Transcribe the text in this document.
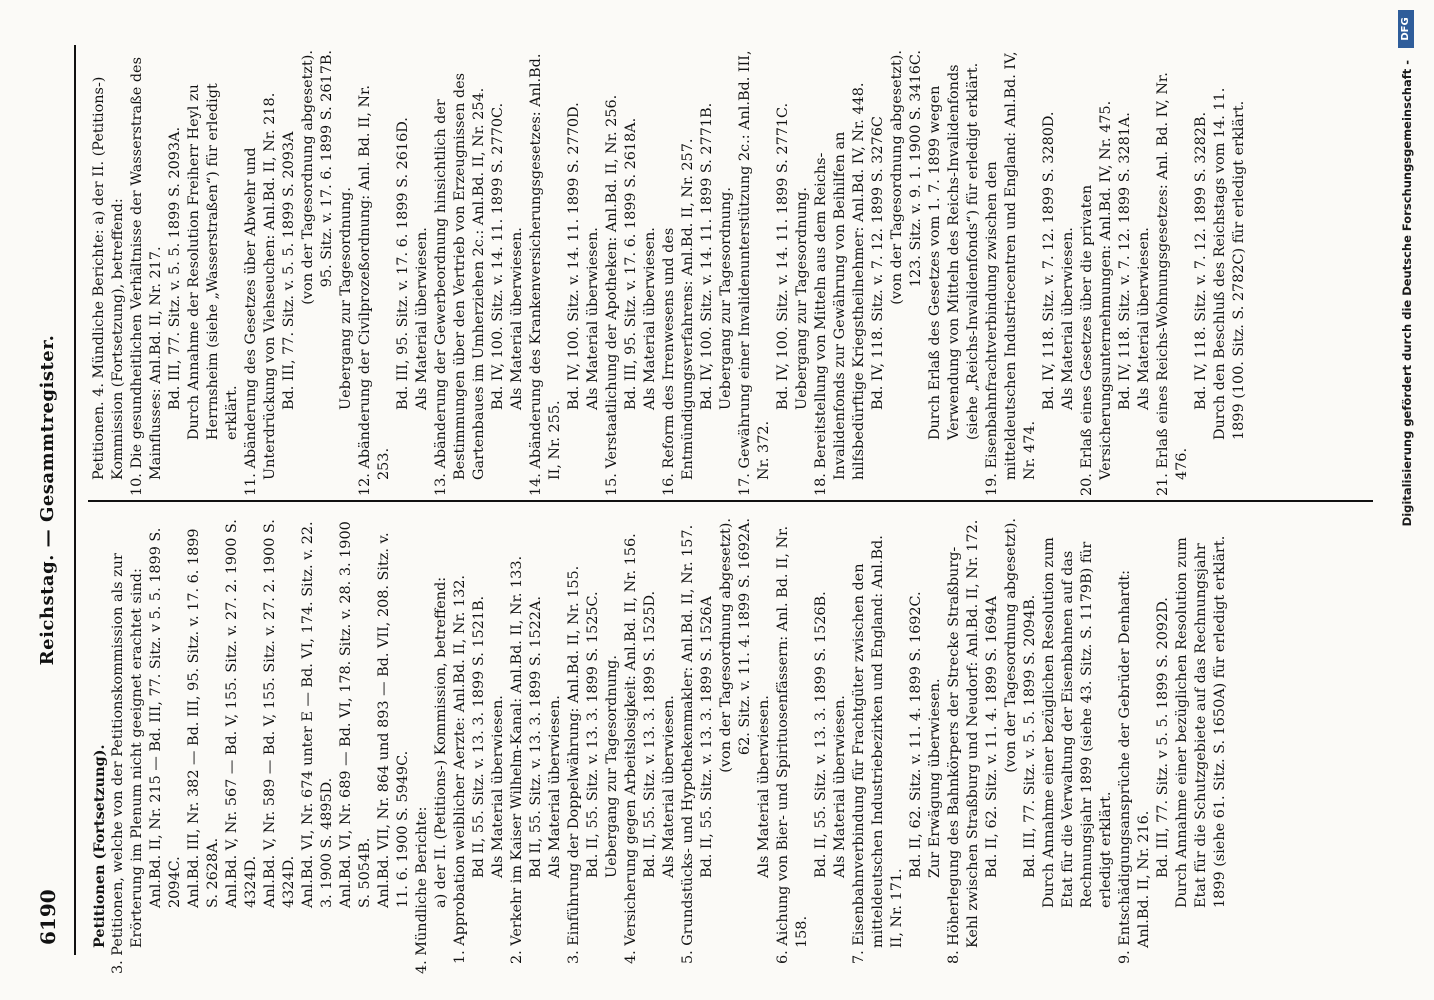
6190
Reichstag. — Gesammtregister.

Petitionen (Fortsetzung). 3. Petitionen, welche von der Petitionskommission als zur Erörterung im Plenum nicht geeignet erachtet sind: Anl.Bd. II, Nr. 215 — Bd. III, 77. Sitz. v 5. 5. 1899 S. 2094C. Anl.Bd. III, Nr. 382 — Bd. III, 95. Sitz. v. 17. 6. 1899 S. 2628A. Anl.Bd. V, Nr. 567 — Bd. V, 155. Sitz. v. 27. 2. 1900 S. 4324D. Anl.Bd. V, Nr. 589 — Bd. V, 155. Sitz. v. 27. 2. 1900 S. 4324D. Anl.Bd. VI, Nr. 674 unter E — Bd. VI, 174. Sitz. v. 22. 3. 1900 S. 4895D. Anl.Bd. VI, Nr. 689 — Bd. VI, 178. Sitz. v. 28. 3. 1900 S. 5054B. Anl.Bd. VII, Nr. 864 und 893 — Bd. VII, 208. Sitz. v. 11. 6. 1900 S. 5949C. 4. Mündliche Berichte: a) der II. (Petitions-) Kommission, betreffend: 1. Approbation weiblicher Aerzte: Anl.Bd. II, Nr. 132. Bd II, 55. Sitz. v. 13. 3. 1899 S. 1521B. Als Material überwiesen. 2. Verkehr im Kaiser Wilhelm-Kanal: Anl.Bd. II, Nr. 133. Bd II, 55. Sitz. v. 13. 3. 1899 S. 1522A. Als Material überwiesen. 3. Einführung der Doppelwährung: Anl.Bd. II, Nr. 155. Bd. II, 55. Sitz. v. 13. 3. 1899 S. 1525C. Uebergang zur Tagesordnung. 4. Versicherung gegen Arbeitslosigkeit: Anl.Bd. II, Nr. 156. Bd. II, 55. Sitz. v. 13. 3. 1899 S. 1525D. Als Material überwiesen. 5. Grundstücks- und Hypothekenmakler: Anl.Bd. II, Nr. 157. Bd. II, 55. Sitz. v. 13. 3. 1899 S. 1526A (von der Tagesordnung abgesetzt). 62. Sitz. v. 11. 4. 1899 S. 1692A.

Als Material überwiesen. 6. Aichung von Bier- und Spirituosenfässern: Anl. Bd. II, Nr. 158.

Bd. II, 55. Sitz. v. 13. 3. 1899 S. 1526B. Als Material überwiesen. 7. Eisenbahnverbindung für Frachtgüter zwischen den mitteldeutschen Industriebezirken und England: Anl.Bd. II, Nr. 171.

Bd. II, 62. Sitz. v. 11. 4. 1899 S. 1692C. Zur Erwägung überwiesen. 8. Höherlegung des Bahnkörpers der Strecke Straßburg-Kehl zwischen Straßburg und Neudorf: Anl.Bd. II, Nr. 172. Bd. II, 62. Sitz. v. 11. 4. 1899 S. 1694A (von der Tagesordnung abgesetzt). Bd. III, 77. Sitz. v. 5. 5. 1899 S. 2094B. Durch Annahme einer bezüglichen Resolution zum Etat für die Verwaltung der Eisenbahnen auf das Rechnungsjahr 1899 (siehe 43. Sitz. S. 1179B) für erledigt erklärt. 9. Entschädigungsansprüche der Gebrüder Denhardt: Anl.Bd. II, Nr. 216.

Bd. III, 77. Sitz. v 5. 5. 1899 S. 2092D. Durch Annahme einer bezüglichen Resolution zum Etat für die Schutzgebiete auf das Rechnungsjahr 1899 (siehe 61. Sitz. S. 1650A) für erledigt erklärt.

Petitionen. 4. Mündliche Berichte: a) der II. (Petitions-) Kommission (Fortsetzung), betreffend: 10. Die gesundheitlichen Verhältnisse der Wasserstraße des Mainflusses: Anl.Bd. II, Nr. 217. Bd. III, 77. Sitz. v. 5. 5. 1899 S. 2093A. Durch Annahme der Resolution Freiherr Heyl zu Herrnsheim (siehe „Wasserstraßen“) für erledigt erklärt. 11. Abänderung des Gesetzes über Abwehr und Unterdrückung von Viehseuchen: Anl.Bd. II, Nr. 218. Bd. III, 77. Sitz. v. 5. 5. 1899 S. 2093A (von der Tagesordnung abgesetzt). 95. Sitz. v. 17. 6. 1899 S. 2617B.

Uebergang zur Tagesordnung. 12. Abänderung der Civilprozeßordnung: Anl. Bd. II, Nr. 253.

Bd. III, 95. Sitz. v. 17. 6. 1899 S. 2616D. Als Material überwiesen. 13. Abänderung der Gewerbeordnung hinsichtlich der Bestimmungen über den Vertrieb von Erzeugnissen des Gartenbaues im Umherziehen 2c.: Anl.Bd. II, Nr. 254. Bd. IV, 100. Sitz. v. 14. 11. 1899 S. 2770C. Als Material überwiesen. 14. Abänderung des Krankenversicherungsgesetzes: Anl.Bd. II, Nr. 255.

Bd. IV, 100. Sitz. v. 14. 11. 1899 S. 2770D. Als Material überwiesen. 15. Verstaatlichung der Apotheken: Anl.Bd. II, Nr. 256. Bd. III, 95. Sitz. v. 17. 6. 1899 S. 2618A. Als Material überwiesen. 16. Reform des Irrenwesens und des Entmündigungsverfahrens: Anl.Bd. II, Nr. 257. Bd. IV, 100. Sitz. v. 14. 11. 1899 S. 2771B. Uebergang zur Tagesordnung. 17. Gewährung einer Invalidenunterstützung 2c.: Anl.Bd. III, Nr. 372.

Bd. IV, 100. Sitz. v. 14. 11. 1899 S. 2771C. Uebergang zur Tagesordnung. 18. Bereitstellung von Mitteln aus dem Reichs-Invalidenfonds zur Gewährung von Beihilfen an hilfsbedürftige Kriegstheilnehmer: Anl.Bd. IV, Nr. 448. Bd. IV, 118. Sitz. v. 7. 12. 1899 S. 3276C (von der Tagesordnung abgesetzt). 123. Sitz. v. 9. 1. 1900 S. 3416C. Durch Erlaß des Gesetzes vom 1. 7. 1899 wegen Verwendung von Mitteln des Reichs-Invalidenfonds (siehe „Reichs-Invalidenfonds“) für erledigt erklärt. 19. Eisenbahnfrachtverbindung zwischen den mitteldeutschen Industriecentren und England: Anl.Bd. IV, Nr. 474.

Bd. IV, 118. Sitz. v. 7. 12. 1899 S. 3280D. Als Material überwiesen. 20. Erlaß eines Gesetzes über die privaten Versicherungsunternehmungen: Anl.Bd. IV, Nr. 475. Bd. IV, 118. Sitz. v. 7. 12. 1899 S. 3281A. Als Material überwiesen. 21. Erlaß eines Reichs-Wohnungsgesetzes: Anl. Bd. IV, Nr. 476.

Bd. IV, 118. Sitz. v. 7. 12. 1899 S. 3282B. Durch den Beschluß des Reichstags vom 14. 11. 1899 (100. Sitz. S. 2782C) für erledigt erklärt.	Digitalisierung gefördert durch die Deutsche Forschungsgemeinschaft -
DFG
